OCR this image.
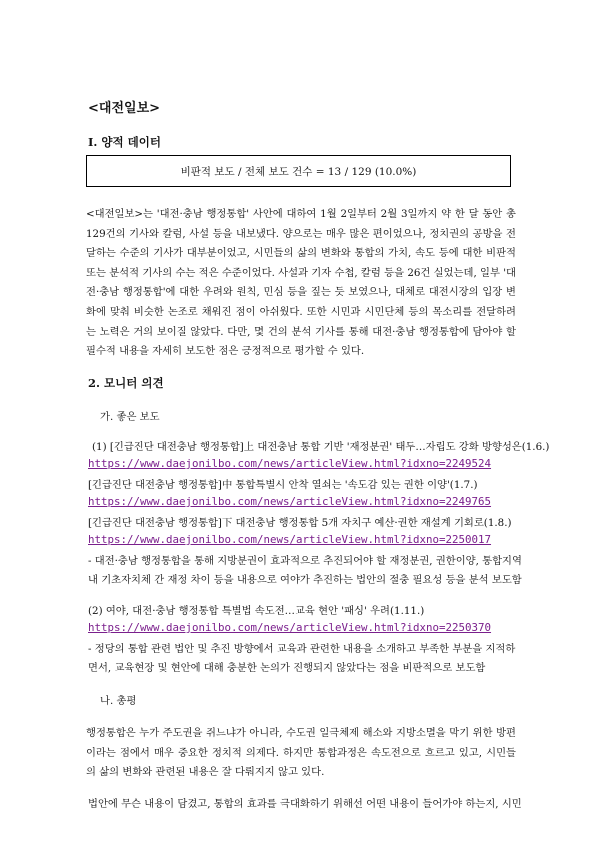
<대전일보>
I. 양적 데이터
비판적 보도 / 전체 보도 건수 = 13 / 129 (10.0%)
<대전일보>는 '대전·충남 행정통합' 사안에 대하여 1월 2일부터 2월 3일까지 약 한 달 동안 총 129건의 기사와 칼럼, 사설 등을 내보냈다. 양으로는 매우 많은 편이었으나, 정치권의 공방을 전달하는 수준의 기사가 대부분이었고, 시민들의 삶의 변화와 통합의 가치, 속도 등에 대한 비판적 또는 분석적 기사의 수는 적은 수준이었다. 사설과 기자 수첩, 칼럼 등을 26건 실었는데, 일부 '대전·충남 행정통합'에 대한 우려와 원칙, 민심 등을 짚는 듯 보였으나, 대체로 대전시장의 입장 변화에 맞춰 비슷한 논조로 채워진 점이 아쉬웠다. 또한 시민과 시민단체 등의 목소리를 전달하려는 노력은 거의 보이질 않았다. 다만, 몇 건의 분석 기사를 통해 대전·충남 행정통합에 담아야 할 필수적 내용을 자세히 보도한 점은 긍정적으로 평가할 수 있다.
2. 모니터 의견
가. 좋은 보도
(1) [긴급진단 대전충남 행정통합]上 대전충남 통합 기반 '재정분권' 태두…자립도 강화 방향성은(1.6.)
https://www.daejonilbo.com/news/articleView.html?idxno=2249524
[긴급진단 대전충남 행정통합]中 통합특별시 안착 열쇠는 '속도감 있는 권한 이양'(1.7.)
https://www.daejonilbo.com/news/articleView.html?idxno=2249765
[긴급진단 대전충남 행정통합]下 대전충남 행정통합 5개 자치구 예산·권한 재설계 기회로(1.8.)
https://www.daejonilbo.com/news/articleView.html?idxno=2250017
- 대전·충남 행정통합을 통해 지방분권이 효과적으로 추진되어야 할 재정분권, 권한이양, 통합지역
내 기초자치체 간 재정 차이 등을 내용으로 여야가 추진하는 법안의 절충 필요성 등을 분석 보도함
(2) 여야, 대전·충남 행정통합 특별법 속도전…교육 현안 '패싱' 우려(1.11.)
https://www.daejonilbo.com/news/articleView.html?idxno=2250370
- 정당의 통합 관련 법안 및 추진 방향에서 교육과 관련한 내용을 소개하고 부족한 부분을 지적하
면서, 교육현장 및 현안에 대해 충분한 논의가 진행되지 않았다는 점을 비판적으로 보도함
나. 총평
행정통합은 누가 주도권을 쥐느냐가 아니라, 수도권 일극체제 해소와 지방소멸을 막기 위한 방편이라는 점에서 매우 중요한 정치적 의제다. 하지만 통합과정은 속도전으로 흐르고 있고, 시민들의 삶의 변화와 관련된 내용은 잘 다뤄지지 않고 있다.
법안에 무슨 내용이 담겼고, 통합의 효과를 극대화하기 위해선 어떤 내용이 들어가야 하는지, 시민
